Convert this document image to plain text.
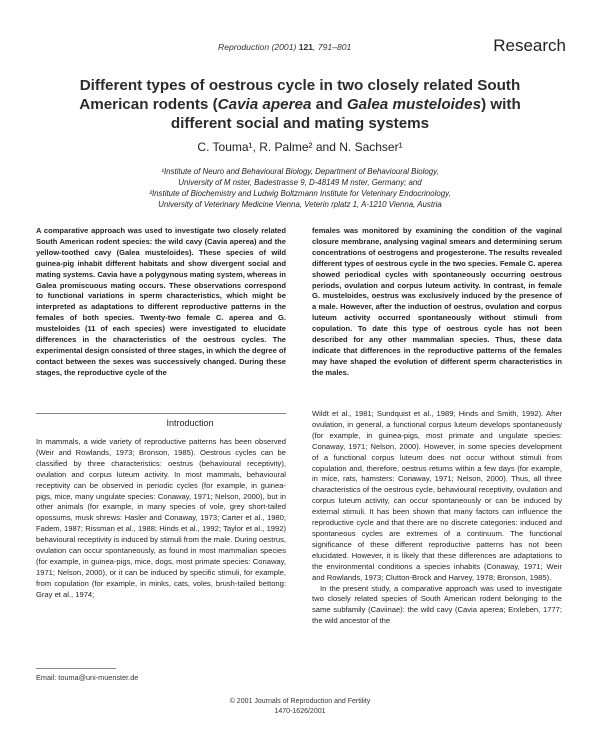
Reproduction (2001) 121, 791–801	Research
Different types of oestrous cycle in two closely related South American rodents (Cavia aperea and Galea musteloides) with different social and mating systems
C. Touma¹, R. Palme² and N. Sachser¹
¹Institute of Neuro and Behavioural Biology, Department of Behavioural Biology,
University of M nster, Badestrasse 9, D-48149 M nster, Germany; and
²Institute of Biochemistry and Ludwig Boltzmann Institute for Veterinary Endocrinology,
University of Veterinary Medicine Vienna, Veterin rplatz 1, A-1210 Vienna, Austria

A comparative approach was used to investigate two closely related South American rodent species: the wild cavy (Cavia aperea) and the yellow-toothed cavy (Galea musteloides). These species of wild guinea-pig inhabit different habitats and show divergent social and mating systems. Cavia have a polygynous mating system, whereas in Galea promiscuous mating occurs. These observations correspond to functional variations in sperm characteristics, which might be interpreted as adaptations to different reproductive patterns in the females of both species. Twenty-two female C. aperea and G. musteloides (11 of each species) were investigated to elucidate differences in the characteristics of the oestrous cycles. The experimental design consisted of three stages, in which the degree of contact between the sexes was successively changed. During these stages, the reproductive cycle of the

females was monitored by examining the condition of the vaginal closure membrane, analysing vaginal smears and determining serum concentrations of oestrogens and progesterone. The results revealed different types of oestrous cycle in the two species. Female C. aperea showed periodical cycles with spontaneously occurring oestrous periods, ovulation and corpus luteum activity. In contrast, in female G. musteloides, oestrus was exclusively induced by the presence of a male. However, after the induction of oestrus, ovulation and corpus luteum activity occurred spontaneously without stimuli from copulation. To date this type of oestrous cycle has not been described for any other mammalian species. Thus, these data indicate that differences in the reproductive patterns of the females may have shaped the evolution of different sperm characteristics in the males.

Introduction

In mammals, a wide variety of reproductive patterns has been observed (Weir and Rowlands, 1973; Bronson, 1985). Oestrous cycles can be classified by three characteristics: oestrus (behavioural receptivity), ovulation and corpus luteum activity. In most mammals, behavioural receptivity can be observed in periodic cycles (for example, in guinea-pigs, mice, many ungulate species: Conaway, 1971; Nelson, 2000), but in other animals (for example, in many species of vole, grey short-tailed opossums, musk shrews: Hasler and Conaway, 1973; Carter et al., 1980; Fadem, 1987; Rissman et al., 1988; Hinds et al., 1992; Taylor et al., 1992) behavioural receptivity is induced by stimuli from the male. During oestrus, ovulation can occur spontaneously, as found in most mammalian species (for example, in guinea-pigs, mice, dogs, most primate species: Conaway, 1971; Nelson, 2000), or it can be induced by specific stimuli, for example, from copulation (for example, in minks, cats, voles, brush-tailed bettong: Gray et al., 1974;

Wildt et al., 1981; Sundquist et al., 1989; Hinds and Smith, 1992). After ovulation, in general, a functional corpus luteum develops spontaneously (for example, in guinea-pigs, most primate and ungulate species: Conaway, 1971; Nelson, 2000). However, in some species development of a functional corpus luteum does not occur without stimuli from copulation and, therefore, oestrus returns within a few days (for example, in mice, rats, hamsters: Conaway, 1971; Nelson, 2000). Thus, all three characteristics of the oestrous cycle, behavioural receptivity, ovulation and corpus luteum activity, can occur spontaneously or can be induced by external stimuli. It has been shown that many factors can influence the reproductive cycle and that there are no discrete categories: induced and spontaneous cycles are extremes of a continuum. The functional significance of these different reproductive patterns has not been elucidated. However, it is likely that these differences are adaptations to the environmental conditions a species inhabits (Conaway, 1971; Weir and Rowlands, 1973; Clutton-Brock and Harvey, 1978; Bronson, 1985).

In the present study, a comparative approach was used to investigate two closely related species of South American rodent belonging to the same subfamily (Caviinae): the wild cavy (Cavia aperea; Erxleben, 1777; the wild ancestor of the

Email: touma@uni-muenster.de
© 2001 Journals of Reproduction and Fertility
1470-1626/2001
